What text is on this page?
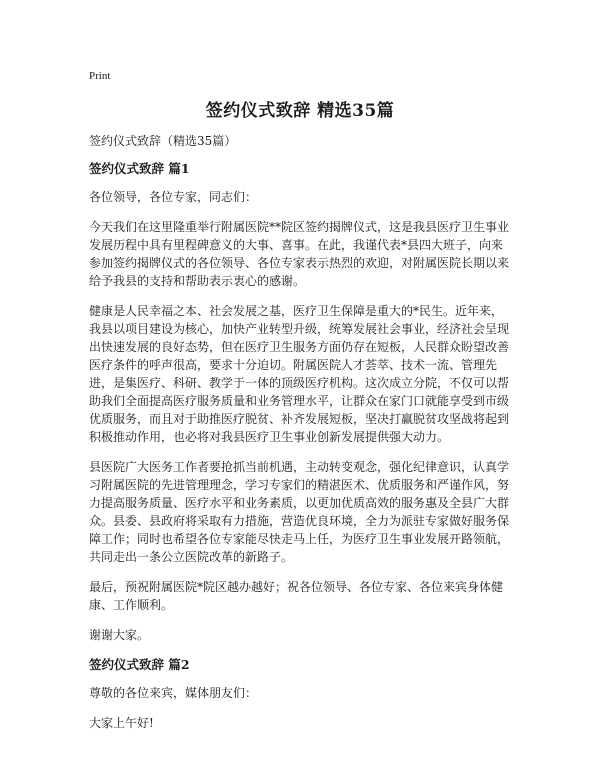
Print
签约仪式致辞 精选35篇

签约仪式致辞（精选35篇）

签约仪式致辞 篇1

各位领导，各位专家，同志们：

今天我们在这里隆重举行附属医院**院区签约揭牌仪式，这是我县医疗卫生事业发展历程中具有里程碑意义的大事、喜事。在此，我谨代表*县四大班子，向来参加签约揭牌仪式的各位领导、各位专家表示热烈的欢迎，对附属医院长期以来给予我县的支持和帮助表示衷心的感谢。

健康是人民幸福之本、社会发展之基，医疗卫生保障是重大的*民生。近年来，我县以项目建设为核心，加快产业转型升级，统筹发展社会事业，经济社会呈现出快速发展的良好态势，但在医疗卫生服务方面仍存在短板，人民群众盼望改善医疗条件的呼声很高，要求十分迫切。附属医院人才荟萃、技术一流、管理先进，是集医疗、科研、教学于一体的顶级医疗机构。这次成立分院，不仅可以帮助我们全面提高医疗服务质量和业务管理水平，让群众在家门口就能享受到市级优质服务，而且对于助推医疗脱贫、补齐发展短板，坚决打赢脱贫攻坚战将起到积极推动作用，也必将对我县医疗卫生事业创新发展提供强大动力。

县医院广大医务工作者要抢抓当前机遇，主动转变观念，强化纪律意识，认真学习附属医院的先进管理理念，学习专家们的精湛医术、优质服务和严谨作风，努力提高服务质量、医疗水平和业务素质，以更加优质高效的服务惠及全县广大群众。县委、县政府将采取有力措施，营造优良环境，全力为派驻专家做好服务保障工作；同时也希望各位专家能尽快走马上任，为医疗卫生事业发展开路领航，共同走出一条公立医院改革的新路子。

最后，预祝附属医院*院区越办越好；祝各位领导、各位专家、各位来宾身体健康、工作顺利。

谢谢大家。

签约仪式致辞 篇2

尊敬的各位来宾，媒体朋友们：

大家上午好!
